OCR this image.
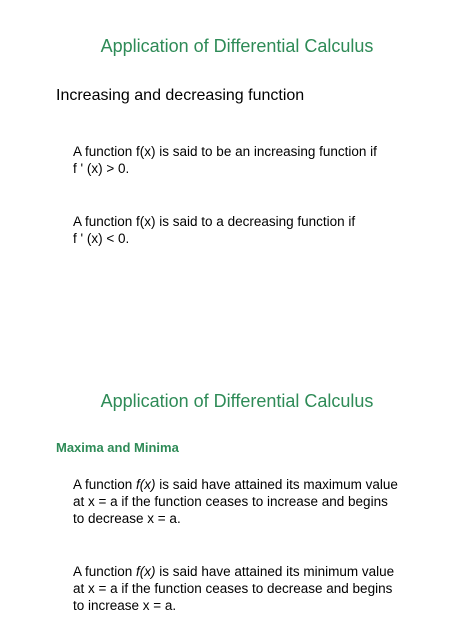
Application of Differential Calculus
Increasing and decreasing function
A function f(x) is said to be an increasing function if
f ' (x) > 0.
A function f(x) is said to a decreasing function if
f ' (x) < 0.
Application of Differential Calculus
Maxima and Minima
A function f(x) is said have attained its maximum value
at x = a if the function ceases to increase and begins
to decrease x = a.
A function f(x) is said have attained its minimum value
at x = a if the function ceases to decrease and begins
to increase x = a.
